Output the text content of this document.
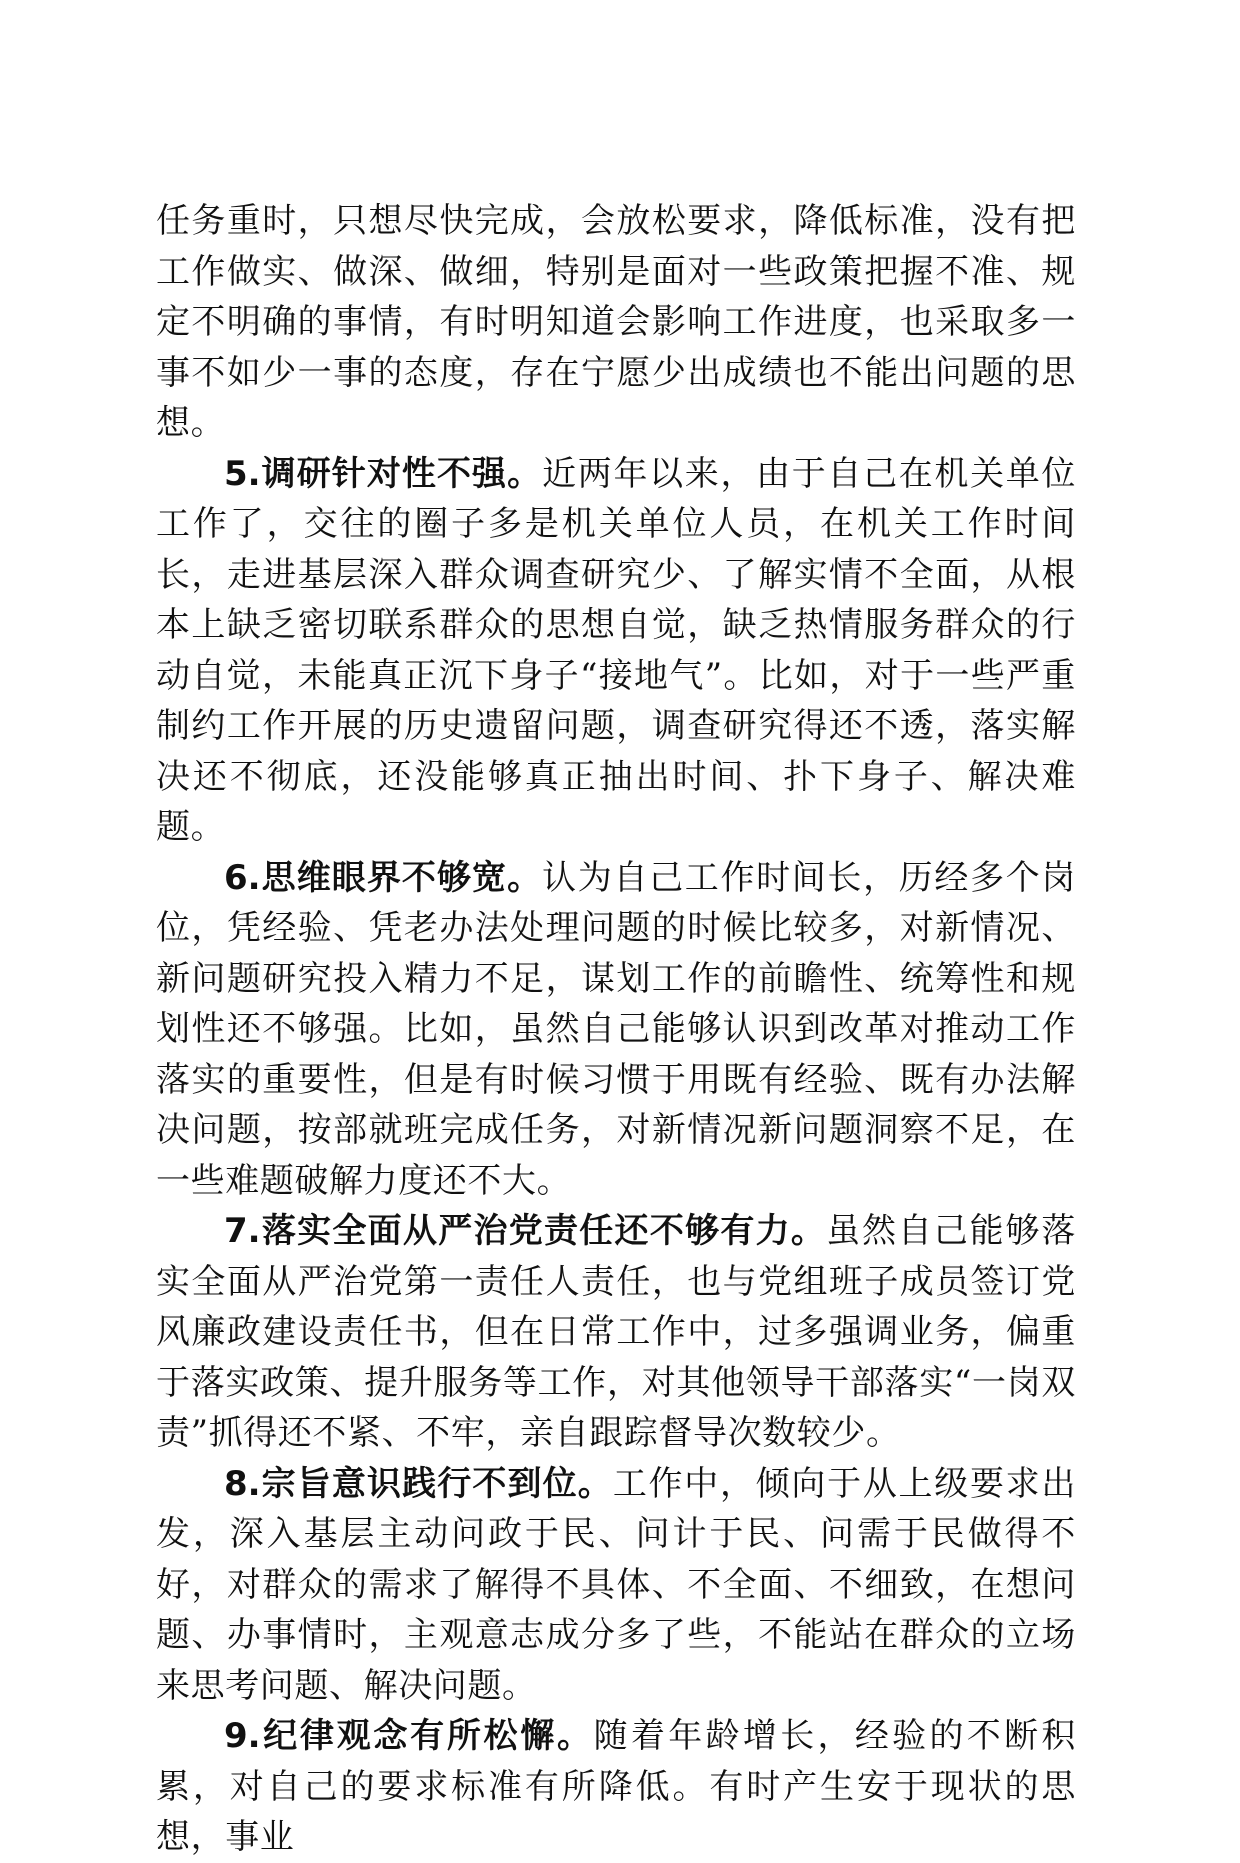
任务重时，只想尽快完成，会放松要求，降低标准，没有把工作做实、做深、做细，特别是面对一些政策把握不准、规定不明确的事情，有时明知道会影响工作进度，也采取多一事不如少一事的态度，存在宁愿少出成绩也不能出问题的思想。

5.调研针对性不强。近两年以来，由于自己在机关单位工作了，交往的圈子多是机关单位人员，在机关工作时间长，走进基层深入群众调查研究少、了解实情不全面，从根本上缺乏密切联系群众的思想自觉，缺乏热情服务群众的行动自觉，未能真正沉下身子“接地气”。比如，对于一些严重制约工作开展的历史遗留问题，调查研究得还不透，落实解决还不彻底，还没能够真正抽出时间、扑下身子、解决难题。

6.思维眼界不够宽。认为自己工作时间长，历经多个岗位，凭经验、凭老办法处理问题的时候比较多，对新情况、新问题研究投入精力不足，谋划工作的前瞻性、统筹性和规划性还不够强。比如，虽然自己能够认识到改革对推动工作落实的重要性，但是有时候习惯于用既有经验、既有办法解决问题，按部就班完成任务，对新情况新问题洞察不足，在一些难题破解力度还不大。

7.落实全面从严治党责任还不够有力。虽然自己能够落实全面从严治党第一责任人责任，也与党组班子成员签订党风廉政建设责任书，但在日常工作中，过多强调业务，偏重于落实政策、提升服务等工作，对其他领导干部落实“一岗双责”抓得还不紧、不牢，亲自跟踪督导次数较少。

8.宗旨意识践行不到位。工作中，倾向于从上级要求出发，深入基层主动问政于民、问计于民、问需于民做得不好，对群众的需求了解得不具体、不全面、不细致，在想问题、办事情时，主观意志成分多了些，不能站在群众的立场来思考问题、解决问题。

9.纪律观念有所松懈。随着年龄增长，经验的不断积累，对自己的要求标准有所降低。有时产生安于现状的思想，事业
